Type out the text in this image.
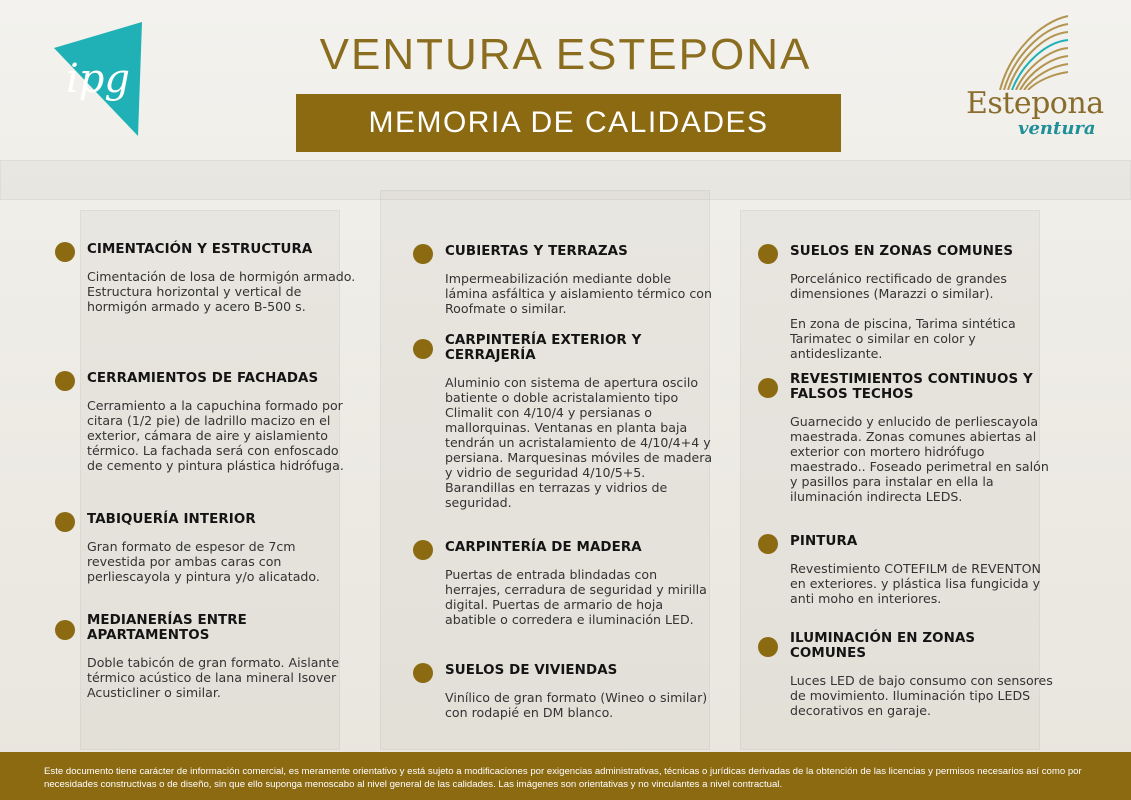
ipg	VENTURA ESTEPONA
MEMORIA DE CALIDADES
Estepona
ventura
CIMENTACIÓN Y ESTRUCTURA

Cimentación de losa de hormigón armado. Estructura horizontal y vertical de hormigón armado y acero B-500 s.

CERRAMIENTOS DE FACHADAS

Cerramiento a la capuchina formado por citara (1/2 pie) de ladrillo macizo en el exterior, cámara de aire y aislamiento térmico. La fachada será con enfoscado de cemento y pintura plástica hidrófuga.

TABIQUERÍA INTERIOR

Gran formato de espesor de 7cm revestida por ambas caras con perliescayola y pintura y/o alicatado.

MEDIANERÍAS ENTRE APARTAMENTOS

Doble tabicón de gran formato. Aislante térmico acústico de lana mineral Isover Acusticliner o similar.

CUBIERTAS Y TERRAZAS

Impermeabilización mediante doble lámina asfáltica y aislamiento térmico con Roofmate o similar.

CARPINTERÍA EXTERIOR Y CERRAJERÍA

Aluminio con sistema de apertura oscilo batiente o doble acristalamiento tipo Climalit con 4/10/4 y persianas o mallorquinas. Ventanas en planta baja tendrán un acristalamiento de 4/10/4+4 y persiana. Marquesinas móviles de madera y vidrio de seguridad 4/10/5+5. Barandillas en terrazas y vidrios de seguridad.

CARPINTERÍA DE MADERA

Puertas de entrada blindadas con herrajes, cerradura de seguridad y mirilla digital. Puertas de armario de hoja abatible o corredera e iluminación LED.

SUELOS DE VIVIENDAS

Vinílico de gran formato (Wineo o similar) con rodapié en DM blanco.

SUELOS EN ZONAS COMUNES

Porcelánico rectificado de grandes dimensiones (Marazzi o similar).

En zona de piscina, Tarima sintética Tarimatec o similar en color y antideslizante.

REVESTIMIENTOS CONTINUOS Y FALSOS TECHOS

Guarnecido y enlucido de perliescayola maestrada. Zonas comunes abiertas al exterior con mortero hidrófugo maestrado.. Foseado perimetral en salón y pasillos para instalar en ella la iluminación indirecta LEDS.

PINTURA

Revestimiento COTEFILM de REVENTON en exteriores. y plástica lisa fungicida y anti moho en interiores.

ILUMINACIÓN EN ZONAS COMUNES

Luces LED de bajo consumo con sensores de movimiento. Iluminación tipo LEDS decorativos en garaje.

Este documento tiene carácter de información comercial, es meramente orientativo y está sujeto a modificaciones por exigencias administrativas, técnicas o jurídicas derivadas de la obtención de las licencias y permisos necesarios así como por necesidades constructivas o de diseño, sin que ello suponga menoscabo al nivel general de las calidades. Las imágenes son orientativas y no vinculantes a nivel contractual.
